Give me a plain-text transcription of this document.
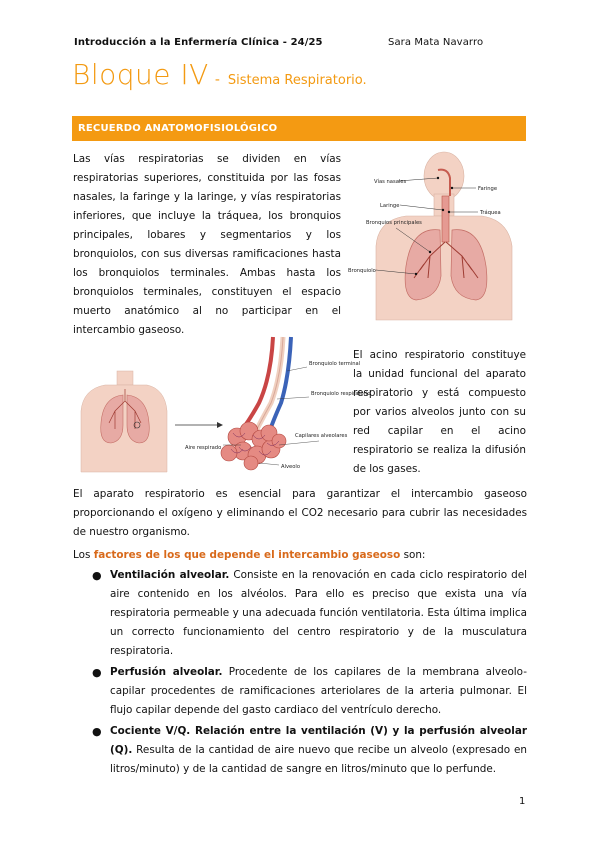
Introducción a la Enfermería Clínica - 24/25	Sara Mata Navarro
Bloque IV - Sistema Respiratorio.
RECUERDO ANATOMOFISIOLÓGICO
Las vías respiratorias se dividen en vías respiratorias superiores, constituida por las fosas nasales, la faringe y la laringe, y vías respiratorias inferiores, que incluye la tráquea, los bronquios principales, lobares y segmentarios y los bronquiolos, con sus diversas ramificaciones hasta los bronquiolos terminales. Ambas hasta los bronquiolos terminales, constituyen el espacio muerto anatómico al no participar en el intercambio gaseoso.
Vías nasales
Faringe
Laringe
Tráquea
Bronquios principales
Bronquiolo
Bronquiolo terminal
Bronquiolo respiratorio
Aire respirado
Capilares alveolares
Alveolo
El acino respiratorio constituye la unidad funcional del aparato respiratorio y está compuesto por varios alveolos junto con su red capilar en el acino respiratorio se realiza la difusión de los gases.
El aparato respiratorio es esencial para garantizar el intercambio gaseoso proporcionando el oxígeno y eliminando el CO2 necesario para cubrir las necesidades de nuestro organismo.
Los factores de los que depende el intercambio gaseoso son:
● Ventilación alveolar. Consiste en la renovación en cada ciclo respiratorio del aire contenido en los alvéolos. Para ello es preciso que exista una vía respiratoria permeable y una adecuada función ventilatoria. Esta última implica un correcto funcionamiento del centro respiratorio y de la musculatura respiratoria.
● Perfusión alveolar. Procedente de los capilares de la membrana alveolo-capilar procedentes de ramificaciones arteriolares de la arteria pulmonar. El flujo capilar depende del gasto cardiaco del ventrículo derecho.
● Cociente V/Q. Relación entre la ventilación (V) y la perfusión alveolar (Q). Resulta de la cantidad de aire nuevo que recibe un alveolo (expresado en litros/minuto) y de la cantidad de sangre en litros/minuto que lo perfunde.
1
